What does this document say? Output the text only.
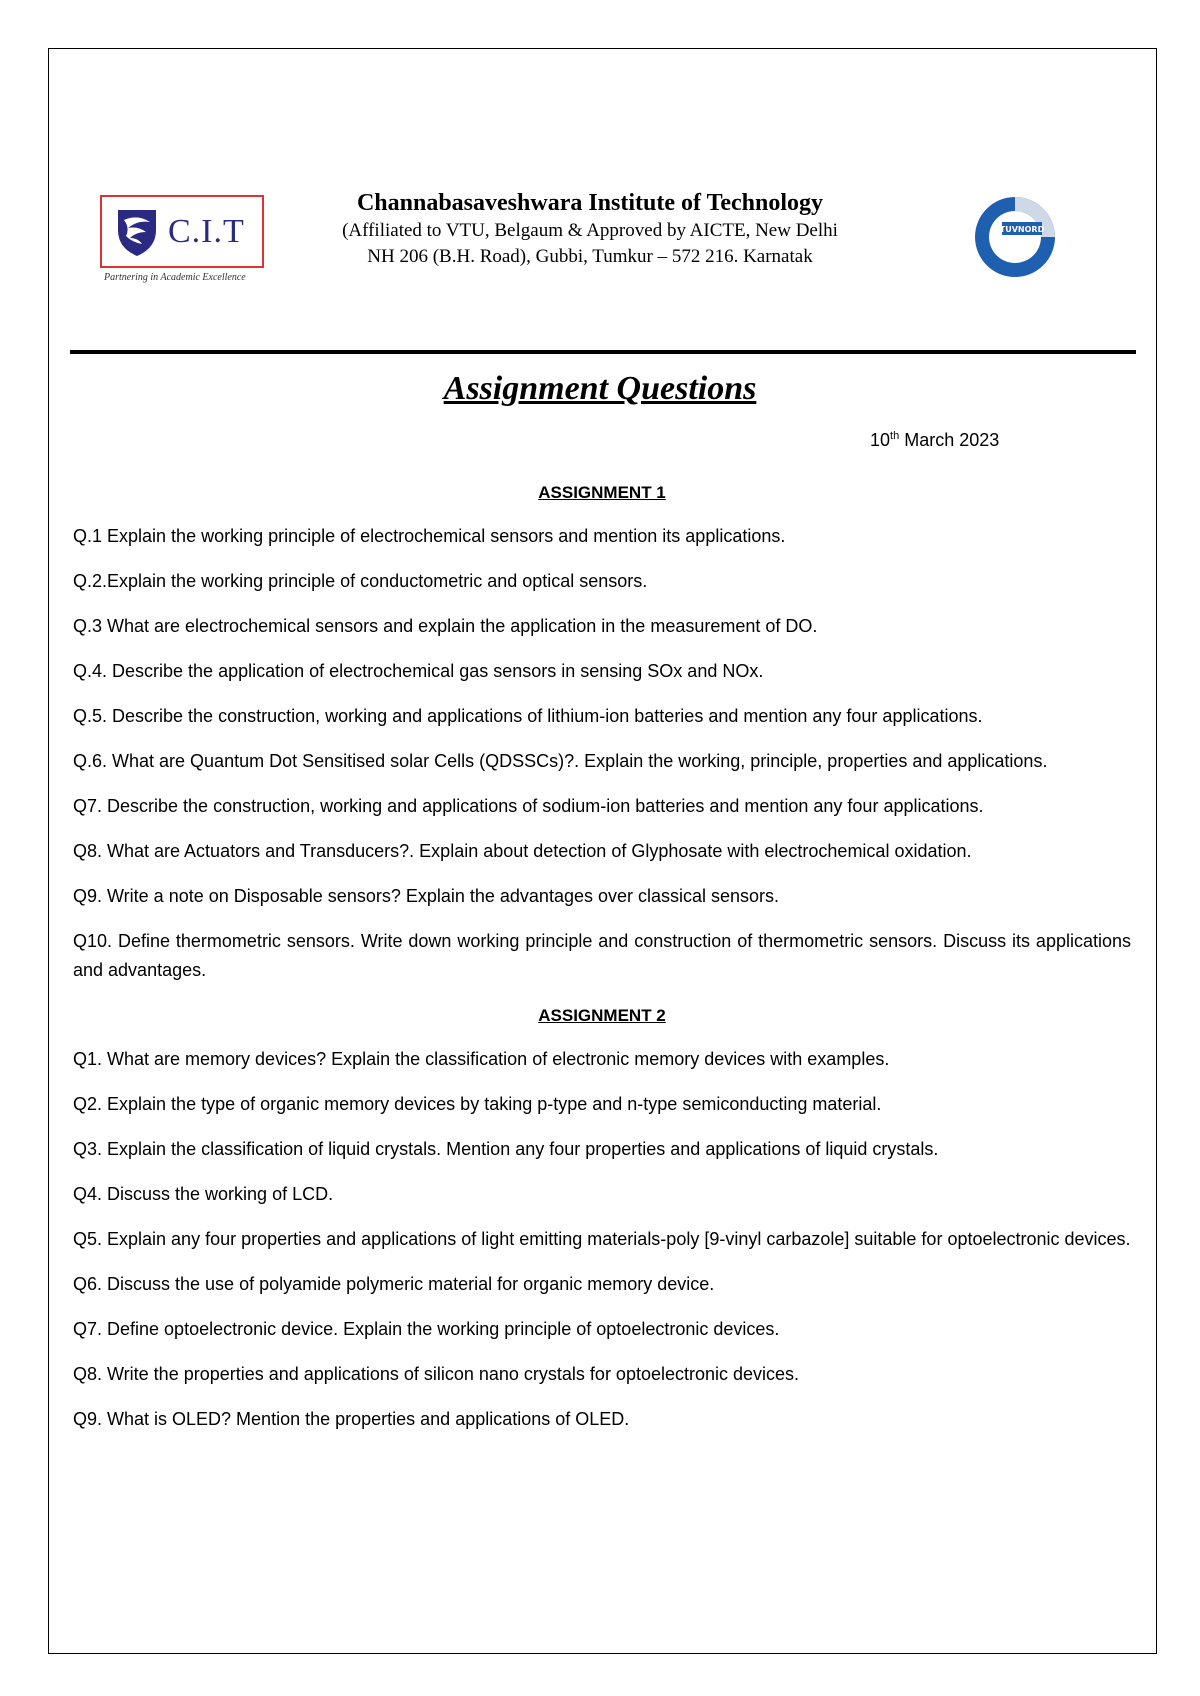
C.I.T
Partnering in Academic Excellence
Channabasaveshwara Institute of Technology
(Affiliated to VTU, Belgaum & Approved by AICTE, New Delhi
NH 206 (B.H. Road), Gubbi, Tumkur – 572 216. Karnatak
TUVNORD
Assignment Questions
10th March 2023
ASSIGNMENT 1

Q.1 Explain the working principle of electrochemical sensors and mention its applications.

Q.2.Explain the working principle of conductometric and optical sensors.

Q.3 What are electrochemical sensors and explain the application in the measurement of DO.

Q.4. Describe the application of electrochemical gas sensors in sensing SOx and NOx.

Q.5. Describe the construction, working and applications of lithium-ion batteries and mention any four applications.

Q.6. What are Quantum Dot Sensitised solar Cells (QDSSCs)?. Explain the working, principle, properties and applications.

Q7. Describe the construction, working and applications of sodium-ion batteries and mention any four applications.

Q8. What are Actuators and Transducers?. Explain about detection of Glyphosate with electrochemical oxidation.

Q9. Write a note on Disposable sensors? Explain the advantages over classical sensors.

Q10. Define thermometric sensors. Write down working principle and construction of thermometric sensors. Discuss its applications and advantages.

ASSIGNMENT 2

Q1. What are memory devices? Explain the classification of electronic memory devices with examples.

Q2. Explain the type of organic memory devices by taking p-type and n-type semiconducting material.

Q3. Explain the classification of liquid crystals. Mention any four properties and applications of liquid crystals.

Q4. Discuss the working of LCD.

Q5. Explain any four properties and applications of light emitting materials-poly [9-vinyl carbazole] suitable for optoelectronic devices.

Q6. Discuss the use of polyamide polymeric material for organic memory device.

Q7. Define optoelectronic device. Explain the working principle of optoelectronic devices.

Q8. Write the properties and applications of silicon nano crystals for optoelectronic devices.

Q9. What is OLED? Mention the properties and applications of OLED.
